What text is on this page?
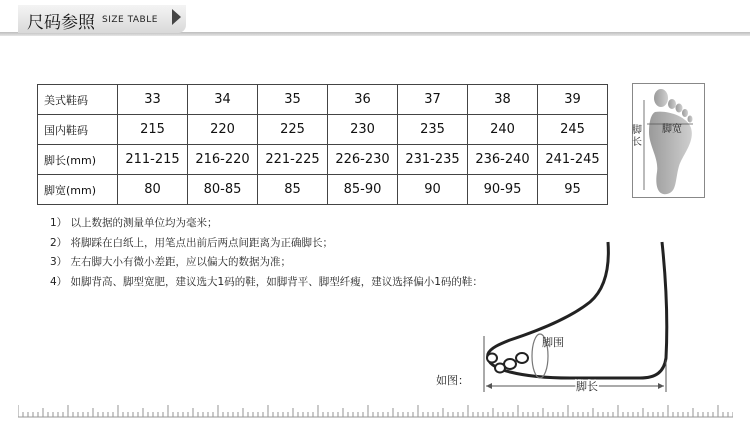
尺码参照 SIZE TABLE
美式鞋码	33	34	35	36	37	38	39
国内鞋码	215	220	225	230	235	240	245
脚长(mm)	211-215	216-220	221-225	226-230	231-235	236-240	241-245
脚宽(mm)	80	80-85	85	85-90	90	90-95	95
脚长
脚宽
1） 以上数据的测量单位均为毫米；
2） 将脚踩在白纸上，用笔点出前后两点间距离为正确脚长；
3） 左右脚大小有微小差距，应以偏大的数据为准；
4） 如脚背高、脚型宽肥，建议选大1码的鞋，如脚背平、脚型纤瘦，建议选择偏小1码的鞋：
如图：
脚围
脚长
